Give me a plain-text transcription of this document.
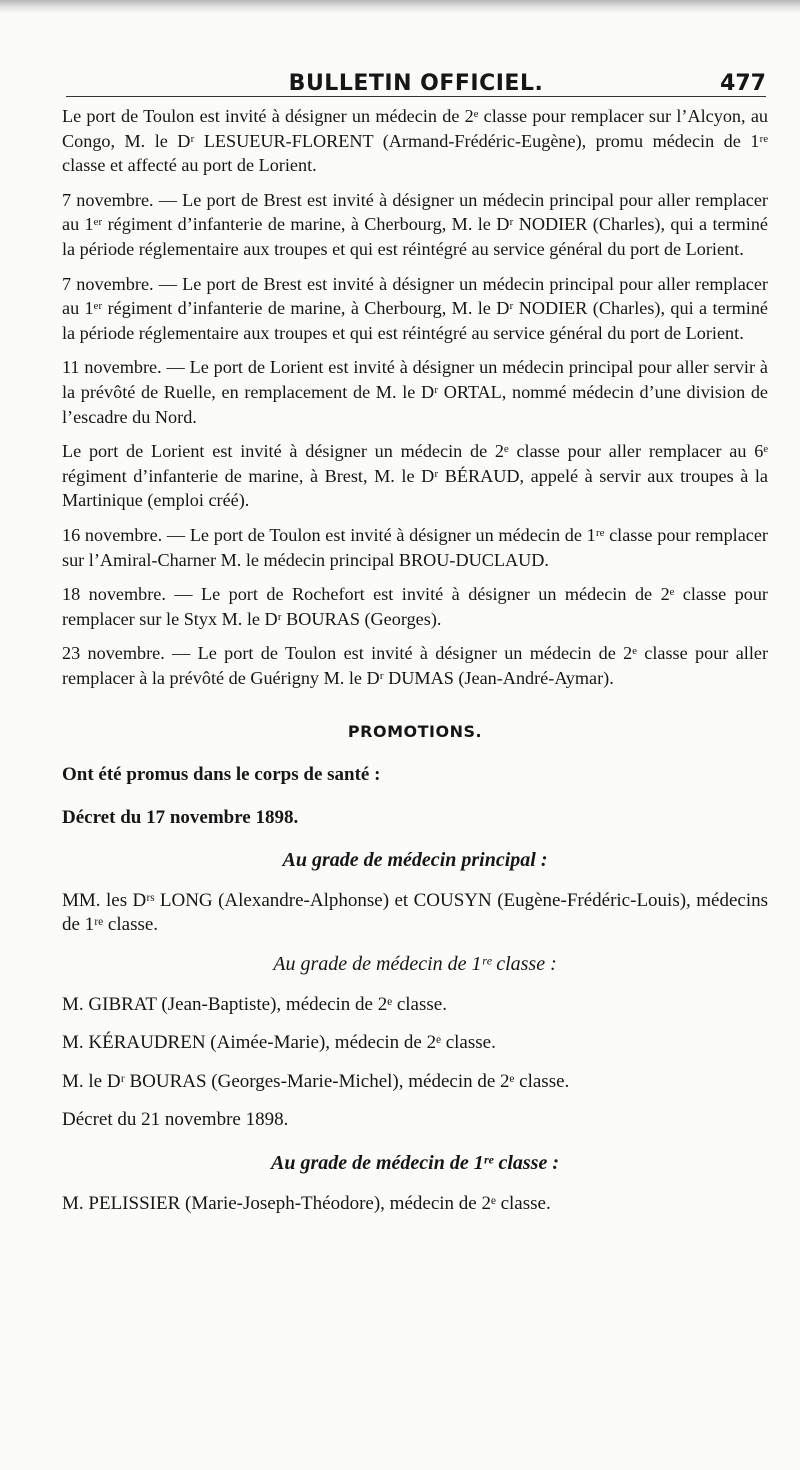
BULLETIN OFFICIEL.	477

Le port de Toulon est invité à désigner un médecin de 2ᵉ classe pour remplacer sur l’Alcyon, au Congo, M. le Dʳ LESUEUR-FLORENT (Armand-Frédéric-Eugène), promu médecin de 1ʳᵉ classe et affecté au port de Lorient.

7 novembre. — Le port de Brest est invité à désigner un médecin principal pour aller remplacer au 1ᵉʳ régiment d’infanterie de marine, à Cherbourg, M. le Dʳ NODIER (Charles), qui a terminé la période réglementaire aux troupes et qui est réintégré au service général du port de Lorient.

7 novembre. — Le port de Brest est invité à désigner un médecin principal pour aller remplacer au 1ᵉʳ régiment d’infanterie de marine, à Cherbourg, M. le Dʳ NODIER (Charles), qui a terminé la période réglementaire aux troupes et qui est réintégré au service général du port de Lorient.

11 novembre. — Le port de Lorient est invité à désigner un médecin principal pour aller servir à la prévôté de Ruelle, en remplacement de M. le Dʳ ORTAL, nommé médecin d’une division de l’escadre du Nord.

Le port de Lorient est invité à désigner un médecin de 2ᵉ classe pour aller remplacer au 6ᵉ régiment d’infanterie de marine, à Brest, M. le Dʳ BÉRAUD, appelé à servir aux troupes à la Martinique (emploi créé).

16 novembre. — Le port de Toulon est invité à désigner un médecin de 1ʳᵉ classe pour remplacer sur l’Amiral-Charner M. le médecin principal BROU-DUCLAUD.

18 novembre. — Le port de Rochefort est invité à désigner un médecin de 2ᵉ classe pour remplacer sur le Styx M. le Dʳ BOURAS (Georges).

23 novembre. — Le port de Toulon est invité à désigner un médecin de 2ᵉ classe pour aller remplacer à la prévôté de Guérigny M. le Dʳ DUMAS (Jean-André-Aymar).

PROMOTIONS.

Ont été promus dans le corps de santé :

Décret du 17 novembre 1898.

Au grade de médecin principal :

MM. les Dʳˢ LONG (Alexandre-Alphonse) et COUSYN (Eugène-Frédéric-Louis), médecins de 1ʳᵉ classe.

Au grade de médecin de 1ʳᵉ classe :

M. GIBRAT (Jean-Baptiste), médecin de 2ᵉ classe.

M. KÉRAUDREN (Aimée-Marie), médecin de 2ᵉ classe.

M. le Dʳ BOURAS (Georges-Marie-Michel), médecin de 2ᵉ classe.

Décret du 21 novembre 1898.

Au grade de médecin de 1ʳᵉ classe :

M. PELISSIER (Marie-Joseph-Théodore), médecin de 2ᵉ classe.
